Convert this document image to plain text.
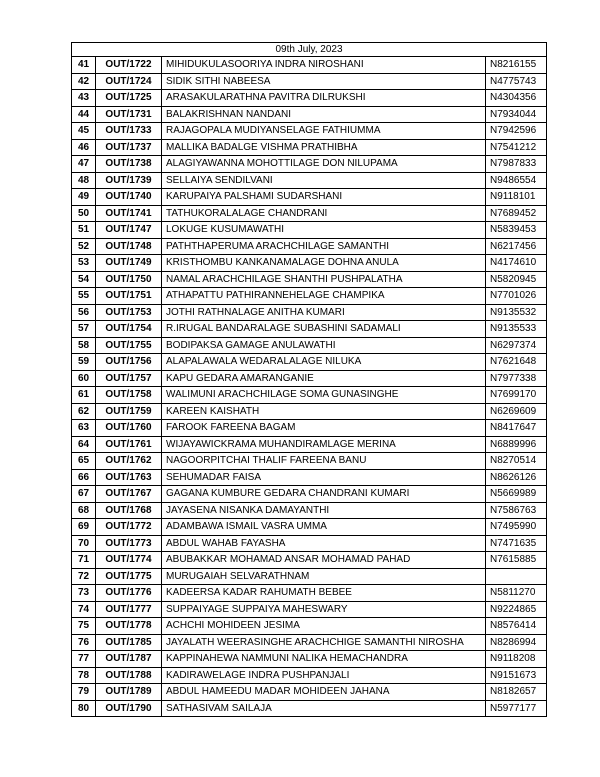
09th July, 2023			
41	OUT/1722	MIHIDUKULASOORIYA INDRA NIROSHANI	N8216155
42	OUT/1724	SIDIK SITHI NABEESA	N4775743
43	OUT/1725	ARASAKULARATHNA PAVITRA DILRUKSHI	N4304356
44	OUT/1731	BALAKRISHNAN NANDANI	N7934044
45	OUT/1733	RAJAGOPALA MUDIYANSELAGE FATHIUMMA	N7942596
46	OUT/1737	MALLIKA BADALGE VISHMA PRATHIBHA	N7541212
47	OUT/1738	ALAGIYAWANNA MOHOTTILAGE DON NILUPAMA	N7987833
48	OUT/1739	SELLAIYA SENDILVANI	N9486554
49	OUT/1740	KARUPAIYA PALSHAMI SUDARSHANI	N9118101
50	OUT/1741	TATHUKORALALAGE CHANDRANI	N7689452
51	OUT/1747	LOKUGE KUSUMAWATHI	N5839453
52	OUT/1748	PATHTHAPERUMA ARACHCHILAGE SAMANTHI	N6217456
53	OUT/1749	KRISTHOMBU KANKANAMALAGE DOHNA ANULA	N4174610
54	OUT/1750	NAMAL ARACHCHILAGE SHANTHI PUSHPALATHA	N5820945
55	OUT/1751	ATHAPATTU PATHIRANNEHELAGE CHAMPIKA	N7701026
56	OUT/1753	JOTHI RATHNALAGE ANITHA KUMARI	N9135532
57	OUT/1754	R.IRUGAL BANDARALAGE SUBASHINI SADAMALI	N9135533
58	OUT/1755	BODIPAKSA GAMAGE ANULAWATHI	N6297374
59	OUT/1756	ALAPALAWALA WEDARALALAGE NILUKA	N7621648
60	OUT/1757	KAPU GEDARA AMARANGANIE	N7977338
61	OUT/1758	WALIMUNI ARACHCHILAGE SOMA GUNASINGHE	N7699170
62	OUT/1759	KAREEN KAISHATH	N6269609
63	OUT/1760	FAROOK FAREENA BAGAM	N8417647
64	OUT/1761	WIJAYAWICKRAMA MUHANDIRAMLAGE MERINA	N6889996
65	OUT/1762	NAGOORPITCHAI THALIF FAREENA BANU	N8270514
66	OUT/1763	SEHUMADAR FAISA	N8626126
67	OUT/1767	GAGANA KUMBURE GEDARA CHANDRANI KUMARI	N5669989
68	OUT/1768	JAYASENA NISANKA DAMAYANTHI	N7586763
69	OUT/1772	ADAMBAWA ISMAIL VASRA UMMA	N7495990
70	OUT/1773	ABDUL WAHAB FAYASHA	N7471635
71	OUT/1774	ABUBAKKAR MOHAMAD ANSAR MOHAMAD PAHAD	N7615885
72	OUT/1775	MURUGAIAH SELVARATHNAM	
73	OUT/1776	KADEERSA KADAR RAHUMATH BEBEE	N5811270
74	OUT/1777	SUPPAIYAGE SUPPAIYA MAHESWARY	N9224865
75	OUT/1778	ACHCHI MOHIDEEN JESIMA	N8576414
76	OUT/1785	JAYALATH WEERASINGHE ARACHCHIGE SAMANTHI NIROSHA	N8286994
77	OUT/1787	KAPPINAHEWA NAMMUNI NALIKA HEMACHANDRA	N9118208
78	OUT/1788	KADIRAWELAGE INDRA PUSHPANJALI	N9151673
79	OUT/1789	ABDUL HAMEEDU MADAR MOHIDEEN JAHANA	N8182657
80	OUT/1790	SATHASIVAM SAILAJA	N5977177
